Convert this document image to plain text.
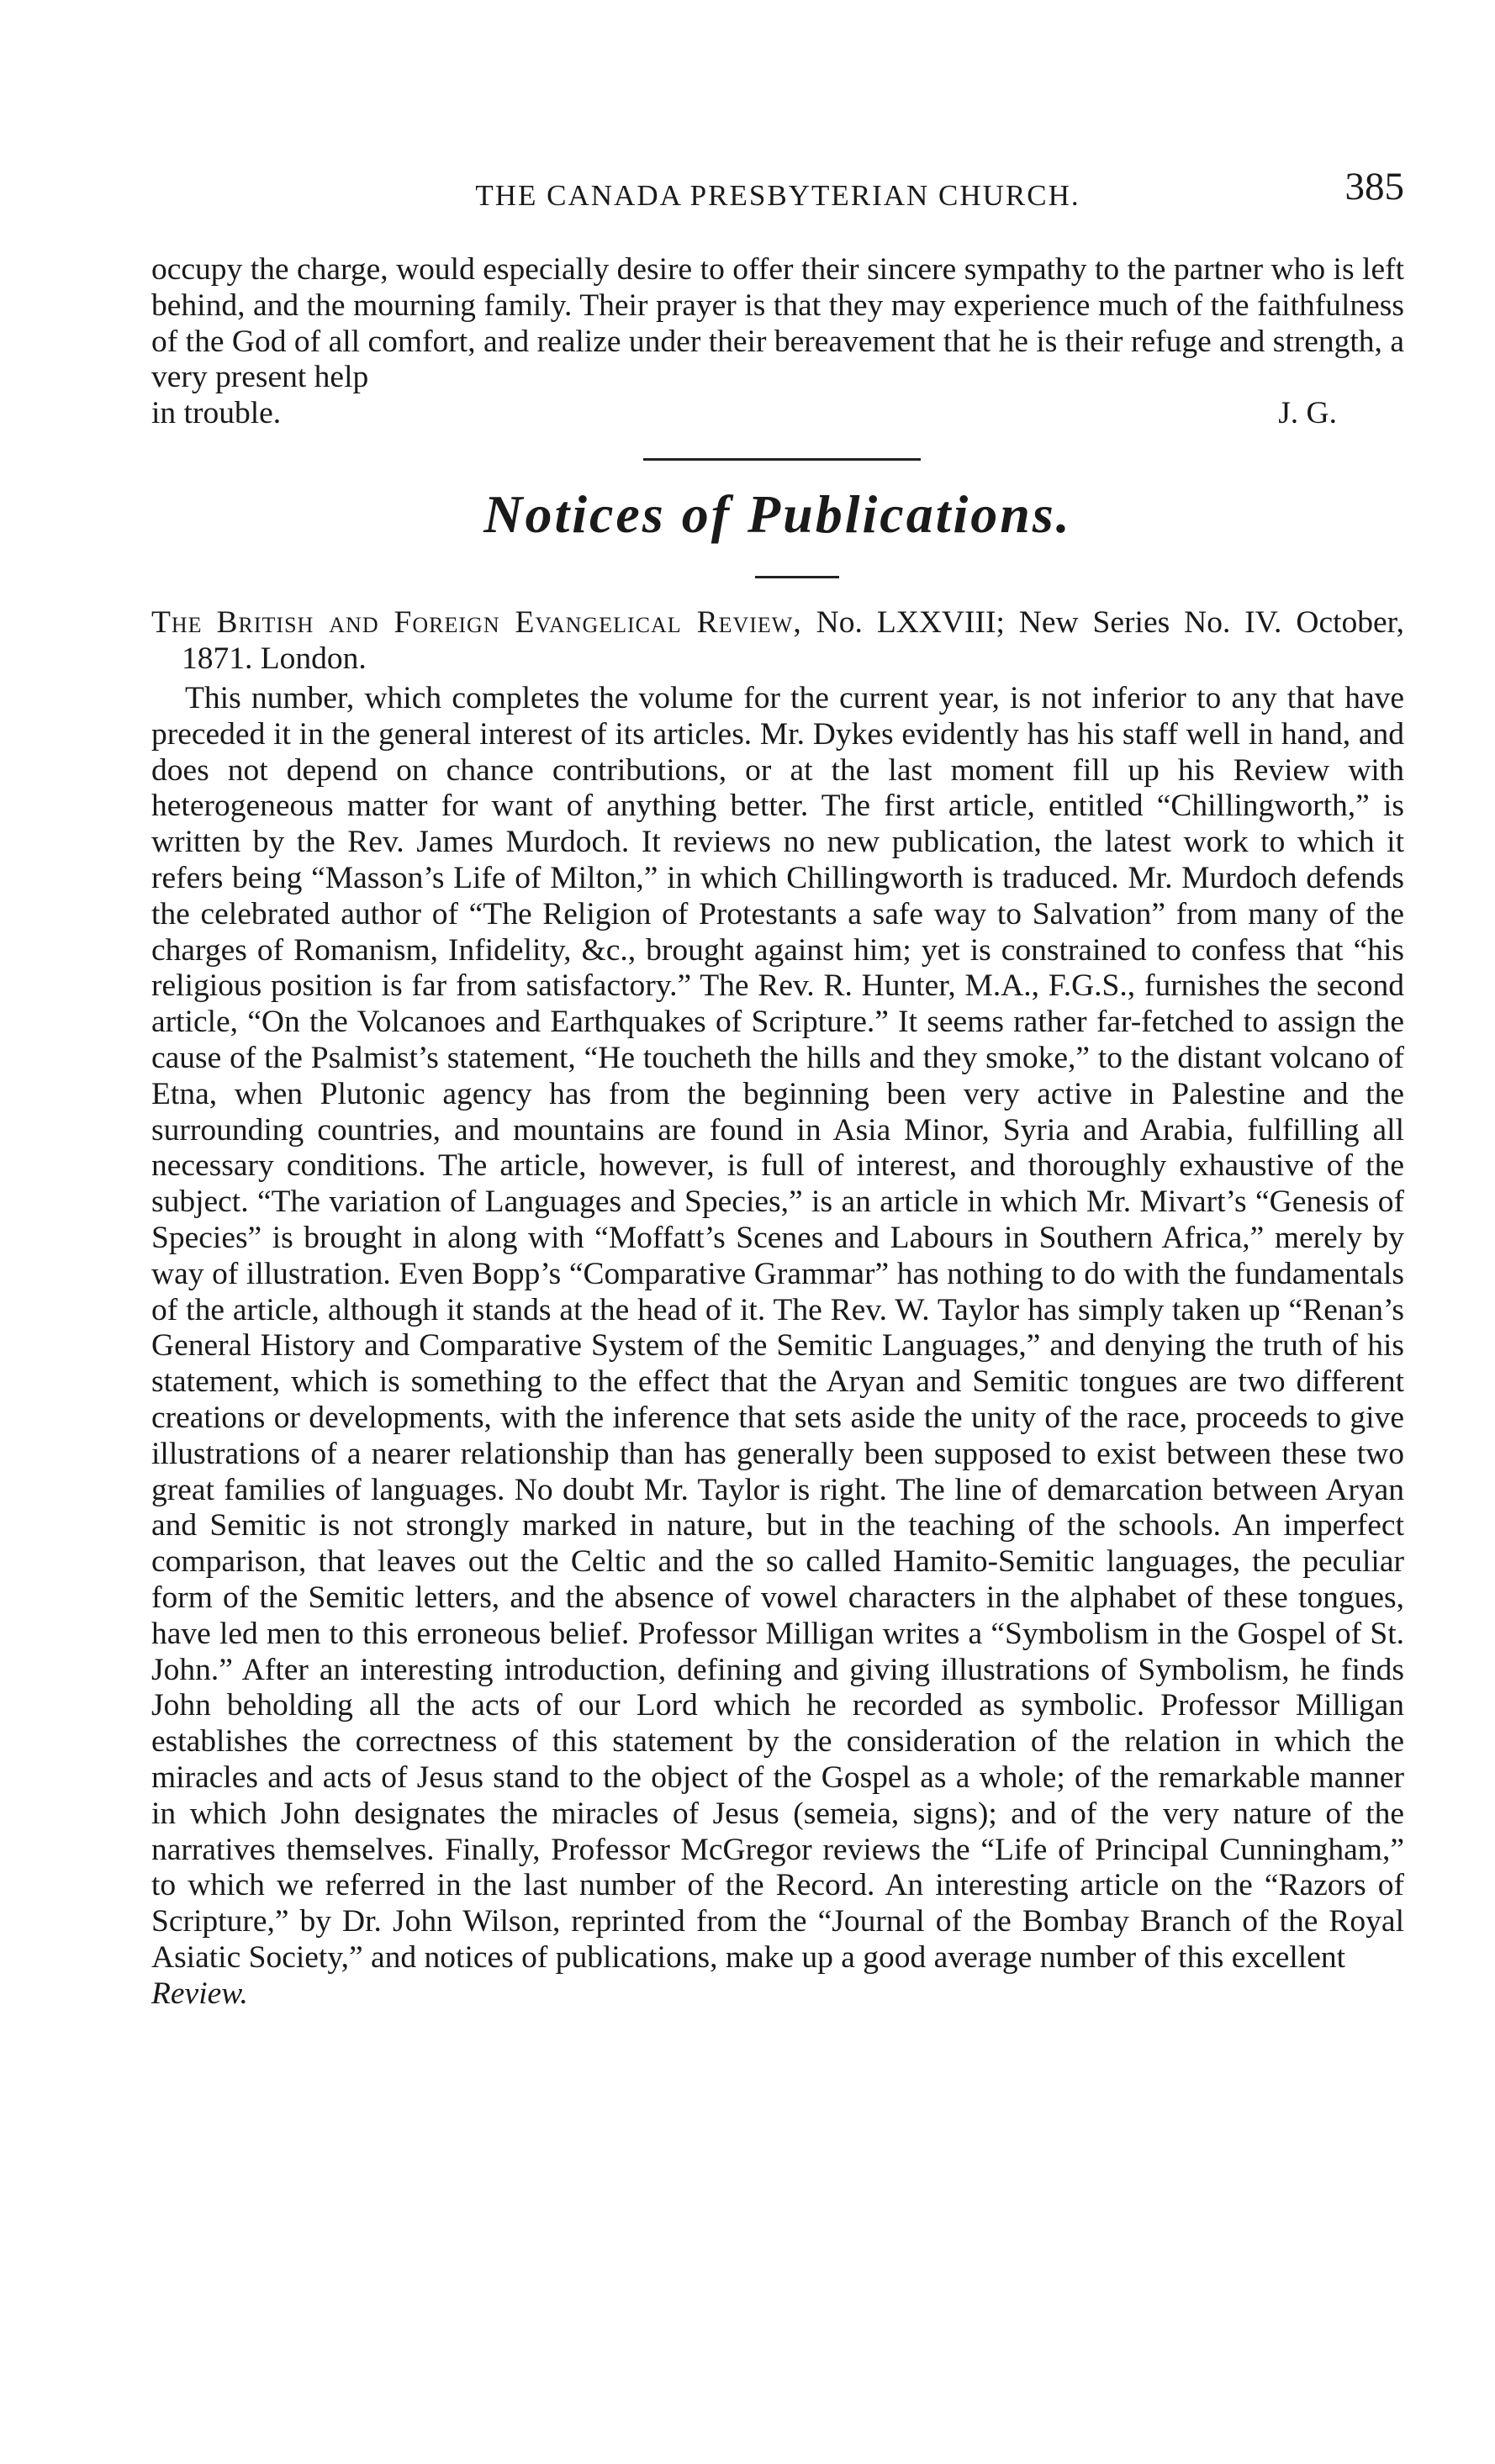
THE CANADA PRESBYTERIAN CHURCH.	385

occupy the charge, would especially desire to offer their sincere sympathy to the partner who is left behind, and the mourning family. Their prayer is that they may experience much of the faithfulness of the God of all comfort, and realize under their bereavement that he is their refuge and strength, a very present help

in trouble.	J. G.
Notices of Publications.

The British and Foreign Evangelical Review, No. LXXVIII; New Series No. IV. October, 1871. London.

This number, which completes the volume for the current year, is not inferior to any that have preceded it in the general interest of its articles. Mr. Dykes evidently has his staff well in hand, and does not depend on chance contributions, or at the last moment fill up his Review with heterogeneous matter for want of anything better. The first article, entitled “Chillingworth,” is written by the Rev. James Murdoch. It reviews no new publication, the latest work to which it refers being “Masson’s Life of Milton,” in which Chillingworth is traduced. Mr. Murdoch defends the celebrated author of “The Religion of Protestants a safe way to Salvation” from many of the charges of Romanism, Infidelity, &c., brought against him; yet is constrained to confess that “his religious position is far from satisfactory.” The Rev. R. Hunter, M.A., F.G.S., furnishes the second article, “On the Volcanoes and Earthquakes of Scripture.” It seems rather far-fetched to assign the cause of the Psalmist’s statement, “He toucheth the hills and they smoke,” to the distant volcano of Etna, when Plutonic agency has from the beginning been very active in Palestine and the surrounding countries, and mountains are found in Asia Minor, Syria and Arabia, fulfilling all necessary conditions. The article, however, is full of interest, and thoroughly exhaustive of the subject. “The variation of Languages and Species,” is an article in which Mr. Mivart’s “Genesis of Species” is brought in along with “Moffatt’s Scenes and Labours in Southern Africa,” merely by way of illustration. Even Bopp’s “Comparative Grammar” has nothing to do with the fundamentals of the article, although it stands at the head of it. The Rev. W. Taylor has simply taken up “Renan’s General History and Comparative System of the Semitic Languages,” and denying the truth of his statement, which is something to the effect that the Aryan and Semitic tongues are two different creations or developments, with the inference that sets aside the unity of the race, proceeds to give illustrations of a nearer relationship than has generally been supposed to exist between these two great families of languages. No doubt Mr. Taylor is right. The line of demarcation between Aryan and Semitic is not strongly marked in nature, but in the teaching of the schools. An imperfect comparison, that leaves out the Celtic and the so called Hamito-Semitic languages, the peculiar form of the Semitic letters, and the absence of vowel characters in the alphabet of these tongues, have led men to this erroneous belief. Professor Milligan writes a “Symbolism in the Gospel of St. John.” After an interesting introduction, defining and giving illustrations of Symbolism, he finds John beholding all the acts of our Lord which he recorded as symbolic. Professor Milligan establishes the correctness of this statement by the consideration of the relation in which the miracles and acts of Jesus stand to the object of the Gospel as a whole; of the remarkable manner in which John designates the miracles of Jesus (semeia, signs); and of the very nature of the narratives themselves. Finally, Professor McGregor reviews the “Life of Principal Cunningham,” to which we referred in the last number of the Record. An interesting article on the “Razors of Scripture,” by Dr. John Wilson, reprinted from the “Journal of the Bombay Branch of the Royal Asiatic Society,” and notices of publications, make up a good average number of this excellent
Review.
